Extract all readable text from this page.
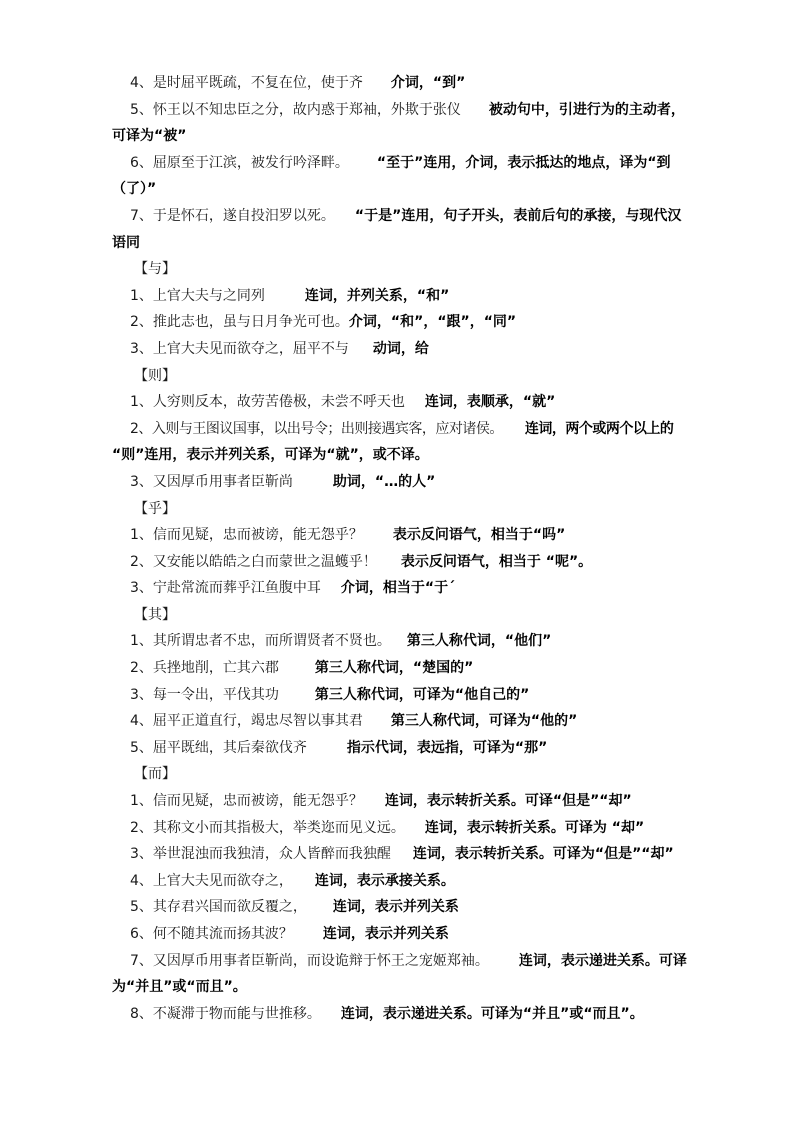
4、是时屈平既疏，不复在位，使于齐 介词，“到”

5、怀王以不知忠臣之分，故内惑于郑袖，外欺于张仪 被动句中，引进行为的主动者，

可译为“被”

6、屈原至于江滨，被发行吟泽畔。 “至于”连用，介词，表示抵达的地点，译为“到

（了）”

7、于是怀石，遂自投汨罗以死。 “于是”连用，句子开头，表前后句的承接，与现代汉

语同

【与】

1、上官大夫与之同列	连词，并列关系，“和”

2、推此志也，虽与日月争光可也。介词，“和”，“跟”，“同”

3、上官大夫见而欲夺之，屈平不与 动词，给

【则】

1、人穷则反本，故劳苦倦极，未尝不呼天也 连词，表顺承，“就”

2、入则与王图议国事，以出号令；出则接遇宾客，应对诸侯。 连词，两个或两个以上的

“则”连用，表示并列关系，可译为“就”，或不译。

3、又因厚币用事者臣靳尚	助词，“…的人”

【乎】

1、信而见疑，忠而被谤，能无怨乎？ 表示反问语气，相当于“吗”

2、又安能以皓皓之白而蒙世之温蠖乎！ 表示反问语气，相当于 “呢”。

3、宁赴常流而葬乎江鱼腹中耳 介词，相当于“于ˊ

【其】

1、其所谓忠者不忠，而所谓贤者不贤也。 第三人称代词，“他们”

2、兵挫地削，亡其六郡	第三人称代词，“楚国的”

3、每一令出，平伐其功	第三人称代词，可译为“他自己的”

4、屈平正道直行，竭忠尽智以事其君 第三人称代词，可译为“他的”

5、屈平既绌，其后秦欲伐齐	指示代词，表远指，可译为“那”

【而】

1、信而见疑，忠而被谤，能无怨乎？ 连词，表示转折关系。可译“但是”“却”

2、其称文小而其指极大，举类迩而见义远。 连词，表示转折关系。可译为 “却”

3、举世混浊而我独清，众人皆醉而我独醒 连词，表示转折关系。可译为“但是”“却”

4、上官大夫见而欲夺之， 连词，表示承接关系。

5、其存君兴国而欲反覆之， 连词，表示并列关系

6、何不随其流而扬其波？ 连词，表示并列关系

7、又因厚币用事者臣靳尚，而设诡辩于怀王之宠姬郑袖。 连词，表示递进关系。可译

为“并且”或“而且”。

8、不凝滞于物而能与世推移。 连词，表示递进关系。可译为“并且”或“而且”。
